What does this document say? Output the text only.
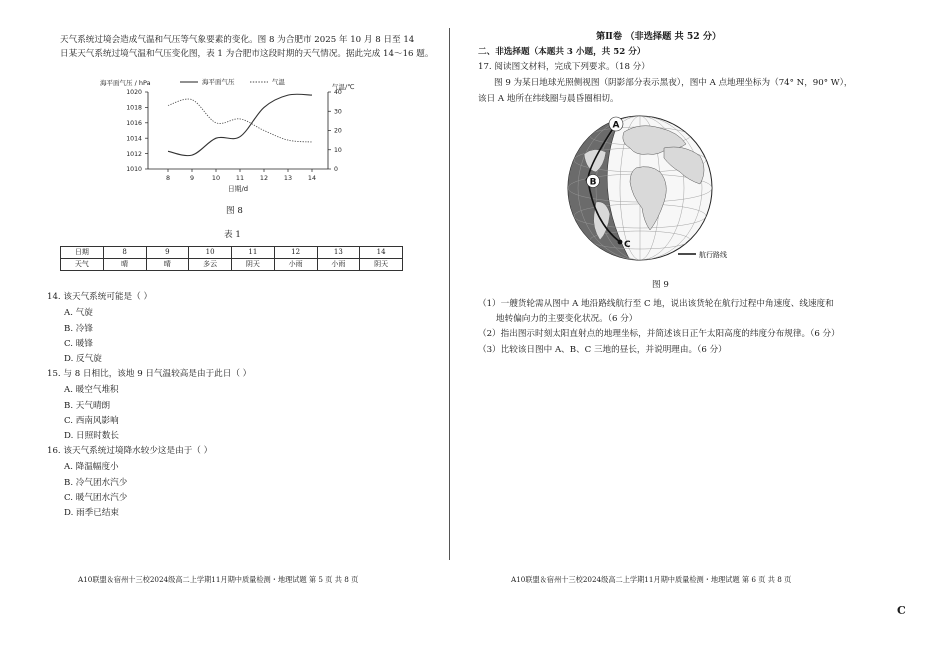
天气系统过境会造成气温和气压等气象要素的变化。图 8 为合肥市 2025 年 10 月 8 日至 14
日某天气系统过境气温和气压变化图，表 1 为合肥市这段时期的天气情况。据此完成 14～16 题。
海平面气压 / hPa	海平面气压	气温
气温/℃
1010
1012
1014
1016
1018
1020
0
10
20
30
40
8	9	10 11 12 13 14
日期/d
图 8
表 1
日期	8	9	10	11	12	13	14
天气	晴	晴	多云	阴天	小雨	小雨	阴天
14. 该天气系统可能是（ ）
A. 气旋
B. 冷锋
C. 暖锋
D. 反气旋
15. 与 8 日相比，该地 9 日气温较高是由于此日（ ）
A. 暖空气堆积
B. 天气晴朗
C. 西南风影响
D. 日照时数长
16. 该天气系统过境降水较少这是由于（ ）
A. 降温幅度小
B. 冷气团水汽少
C. 暖气团水汽少
D. 雨季已结束
A10联盟＆宿州十三校2024级高二上学期11月期中质量检测・地理试题 第 5 页 共 8 页
第Ⅱ卷 （非选择题 共 52 分）
二、非选择题（本题共 3 小题，共 52 分）
17. 阅读图文材料，完成下列要求。（18 分）
图 9 为某日地球光照侧视图（阴影部分表示黑夜），图中 A 点地理坐标为（74° N，90° W），
该日 A 地所在纬线圈与晨昏圈相切。
A
B
C
航行路线
图 9
（1）一艘货轮需从图中 A 地沿路线航行至 C 地，说出该货轮在航行过程中角速度、线速度和
地转偏向力的主要变化状况。（6 分）
（2）指出图示时刻太阳直射点的地理坐标，并简述该日正午太阳高度的纬度分布规律。（6 分）
（3）比较该日图中 A、B、C 三地的昼长，并说明理由。（6 分）
A10联盟＆宿州十三校2024级高二上学期11月期中质量检测・地理试题 第 6 页 共 8 页
C
